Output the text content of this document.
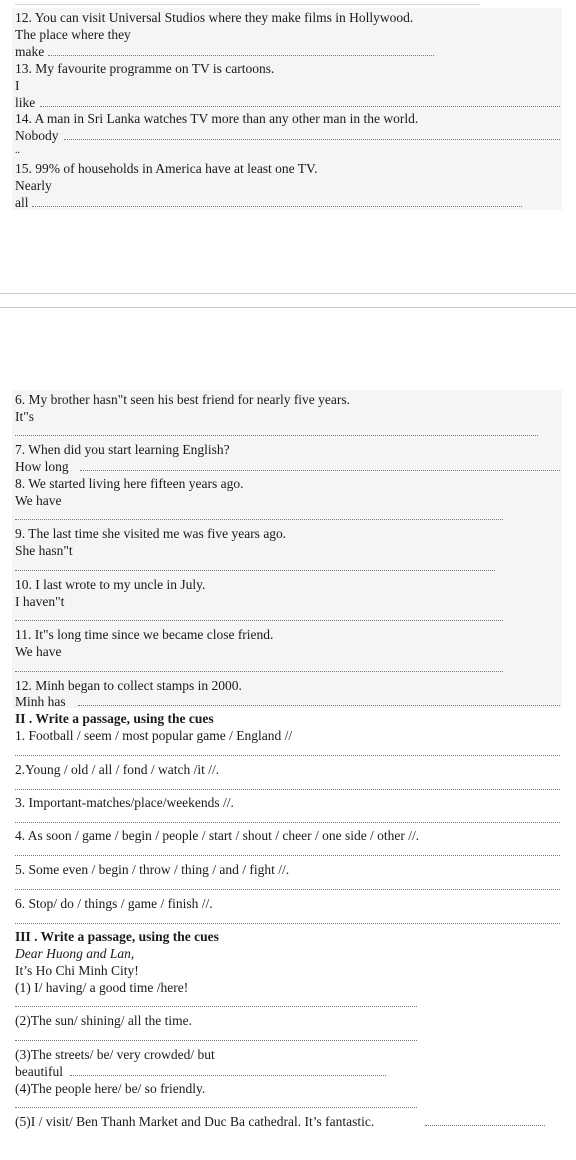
12. You can visit Universal Studios where they make films in Hollywood.
The place where they
make
13. My favourite programme on TV is cartoons.
I
like
14. A man in Sri Lanka watches TV more than any other man in the world.
Nobody
..
15. 99% of households in America have at least one TV.
Nearly
all
6. My brother hasn"t seen his best friend for nearly five years.
It"s
7. When did you start learning English?
How long
8. We started living here fifteen years ago.
We have
9. The last time she visited me was five years ago.
She hasn"t
10. I last wrote to my uncle in July.
I haven"t
11. It"s long time since we became close friend.
We have
12. Minh began to collect stamps in 2000.
Minh has
II . Write a passage, using the cues
1. Football / seem / most popular game / England //
2.Young / old / all / fond / watch /it //.
3. Important-matches/place/weekends //.
4. As soon / game / begin / people / start / shout / cheer / one side / other //.
5. Some even / begin / throw / thing / and / fight //.
6. Stop/ do / things / game / finish //.
III . Write a passage, using the cues
Dear Huong and Lan,
It’s Ho Chi Minh City!
(1) I/ having/ a good time /here!
(2)The sun/ shining/ all the time.
(3)The streets/ be/ very crowded/ but
beautiful
(4)The people here/ be/ so friendly.
(5)I / visit/ Ben Thanh Market and Duc Ba cathedral. It’s fantastic.
